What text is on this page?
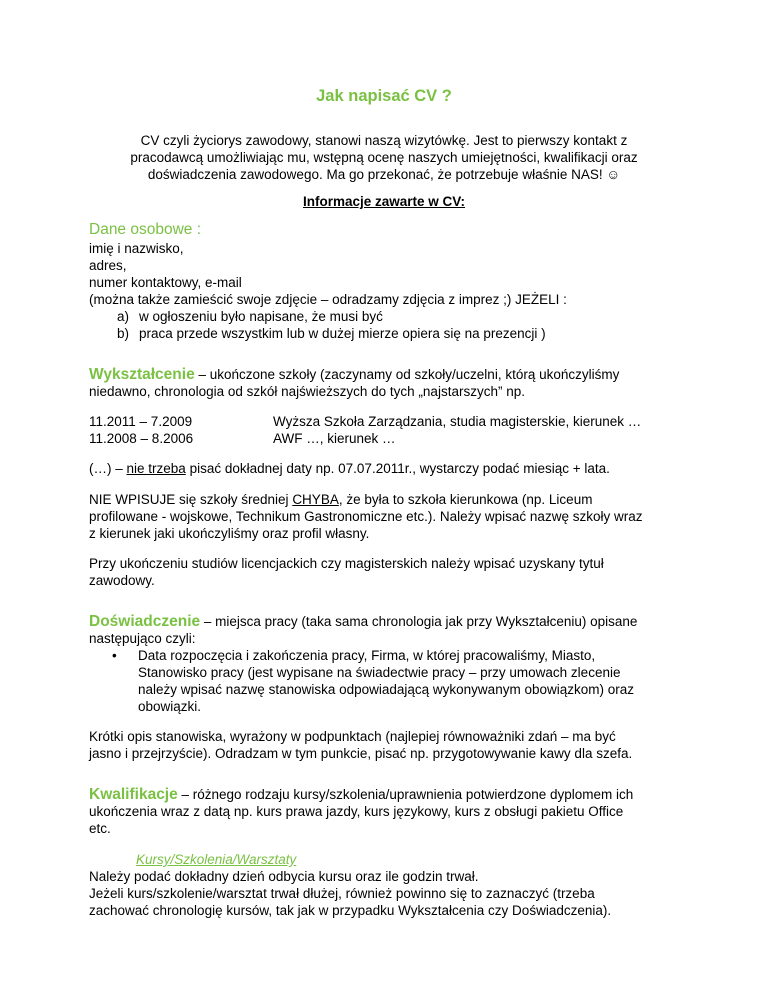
Jak napisać CV ?
CV czyli życiorys zawodowy, stanowi naszą wizytówkę. Jest to pierwszy kontakt z
pracodawcą umożliwiając mu, wstępną ocenę naszych umiejętności, kwalifikacji oraz
doświadczenia zawodowego. Ma go przekonać, że potrzebuje właśnie NAS! ☺
Informacje zawarte w CV:
Dane osobowe :
imię i nazwisko,
adres,
numer kontaktowy, e-mail
(można także zamieścić swoje zdjęcie – odradzamy zdjęcia z imprez ;) JEŻELI :
a) w ogłoszeniu było napisane, że musi być
b) praca przede wszystkim lub w dużej mierze opiera się na prezencji )
Wykształcenie – ukończone szkoły (zaczynamy od szkoły/uczelni, którą ukończyliśmy
niedawno, chronologia od szkół najświeższych do tych „najstarszych” np.
11.2011 – 7.2009	Wyższa Szkoła Zarządzania, studia magisterskie, kierunek …
11.2008 – 8.2006	AWF …, kierunek …
(…) – nie trzeba pisać dokładnej daty np. 07.07.2011r., wystarczy podać miesiąc + lata.
NIE WPISUJE się szkoły średniej CHYBA, że była to szkoła kierunkowa (np. Liceum
profilowane - wojskowe, Technikum Gastronomiczne etc.). Należy wpisać nazwę szkoły wraz
z kierunek jaki ukończyliśmy oraz profil własny.
Przy ukończeniu studiów licencjackich czy magisterskich należy wpisać uzyskany tytuł
zawodowy.
Doświadczenie – miejsca pracy (taka sama chronologia jak przy Wykształceniu) opisane
następująco czyli:
• Data rozpoczęcia i zakończenia pracy, Firma, w której pracowaliśmy, Miasto,
Stanowisko pracy (jest wypisane na świadectwie pracy – przy umowach zlecenie
należy wpisać nazwę stanowiska odpowiadającą wykonywanym obowiązkom) oraz
obowiązki.
Krótki opis stanowiska, wyrażony w podpunktach (najlepiej równoważniki zdań – ma być
jasno i przejrzyście). Odradzam w tym punkcie, pisać np. przygotowywanie kawy dla szefa.
Kwalifikacje – różnego rodzaju kursy/szkolenia/uprawnienia potwierdzone dyplomem ich
ukończenia wraz z datą np. kurs prawa jazdy, kurs językowy, kurs z obsługi pakietu Office
etc.
Kursy/Szkolenia/Warsztaty
Należy podać dokładny dzień odbycia kursu oraz ile godzin trwał.
Jeżeli kurs/szkolenie/warsztat trwał dłużej, również powinno się to zaznaczyć (trzeba
zachować chronologię kursów, tak jak w przypadku Wykształcenia czy Doświadczenia).
